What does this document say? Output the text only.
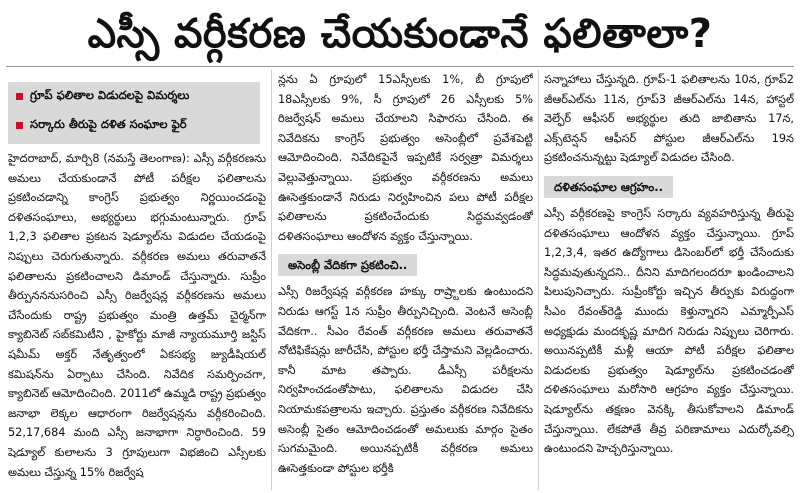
ఎస్సీ వర్గీకరణ చేయకుండానే ఫలితాలా?
గ్రూప్ ఫలితాల విడుదలపై విమర్శలు
సర్కారు తీరుపై దళిత సంఘాల ఫైర్

హైదరాబాద్, మార్చి8 (నమస్తే తెలంగాణ): ఎస్సీ వర్గీకరణను అమలు చేయకుండానే పోటీ పరీక్షల ఫలితాలను ప్రకటించడాన్ని కాంగ్రెస్ ప్రభుత్వం నిర్ణయించడంపై దళితసంఘాలు, అభ్యర్థులు భగ్గుమంటున్నారు. గ్రూప్ 1,2,3 ఫలితాల ప్రకటన షెడ్యూల్‌ను విడుదల చేయడంపై నిప్పులు చెరుగుతున్నారు. వర్గీకరణ అమలు తరువాతనే ఫలితాలను ప్రకటించాలని డిమాండ్ చేస్తున్నారు. సుప్రీం తీర్పునననుసరించి ఎస్సీ రిజర్వేషన్ల వర్గీకరణను అమలు చేసేందుకు రాష్ట్ర ప్రభుత్వం మంత్రి ఉత్తమ్ చైర్మన్‌గా క్యాబినెట్ సబ్‌కమిటీని , హైకోర్టు మాజీ న్యాయమూర్తి జస్టిస్ షమీమ్ అక్తర్ నేతృత్వంలో ఏకసభ్య జ్యుడీషియల్ కమిషన్‌ను ఏర్పాటు చేసింది. నివేదిక సమర్పించగా, క్యాబినెట్ ఆమోదించింది. 2011లో ఉమ్మడి రాష్ట్ర ప్రభుత్వం జనాభా లెక్కల ఆధారంగా రిజర్వేషన్లను వర్గీకరించింది. 52,17,684 మంది ఎస్సీ జనాభాగా నిర్ధారించింది. 59 షెడ్యూల్ కులాలను 3 గ్రూపులుగా విభజించి ఎస్సీలకు అమలు చేస్తున్న 15% రిజర్వేష

న్లను ఏ గ్రూపులో 15ఎస్సీలకు 1%, బీ గ్రూపులో 18ఎస్సీలకు 9%, సీ గ్రూపులో 26 ఎస్సీలకు 5% రిజర్వేషన్ అమలు చేయాలని సిఫారసు చేసింది. ఈ నివేదికను కాంగ్రెస్ ప్రభుత్వం అసెంబ్లీలో ప్రవేశపెట్టి ఆమోదించింది. నివేదికపైనే ఇప్పటికే సర్వత్రా విమర్శలు వెల్లువెత్తున్నాయి. ప్రభుత్వం వర్గీకరణను అమలు ఊసెత్తకుండానే నిరుడు నిర్వహించిన పలు పోటీ పరీక్షల ఫలితాలను ప్రకటించేందుకు సిద్ధమవ్వడంతో దళితసంఘాలు ఆందోళన వ్యక్తం చేస్తున్నాయి.

అసెంబ్లీ వేదికగా ప్రకటించి..

ఎస్సీ రిజర్వేషన్ల వర్గీకరణ హక్కు రాష్ర్టాలకు ఉంటుందని నిరుడు ఆగస్ట్ 1న సుప్రీం తీర్పునిచ్చింది. వెంటనే అసెంబ్లీ వేదికగా.. సీఎం రేవంత్ వర్గీకరణ అమలు తరువాతనే నోటిఫికేషన్లు జారీచేసి, పోస్టుల భర్తీ చేస్తామని వెల్లడించారు. కానీ మాట తప్పారు. డీఎస్సీ పరీక్షలను నిర్వహించడంతోపాటు, ఫలితాలను విడుదల చేసి నియామకపత్రాలను ఇచ్చారు. ప్రస్తుతం వర్గీకరణ నివేదికను అసెంబ్లీ సైతం ఆమోదించడంతో అమలుకు మార్గం సైతం సుగమమైంది. అయినప్పటికీ వర్గీకరణ అమలు ఊసెత్తకుండా పోస్టుల భర్తీకి

సన్నాహాలు చేస్తున్నది. గ్రూప్-1 ఫలితాలను 10న, గ్రూప్2 జీఆర్‌ఎల్‌ను 11న, గ్రూప్3 జీఆర్‌ఎల్‌ను 14న, హాస్టల్ వెల్ఫేర్ ఆఫీసర్ అభ్యర్థుల తుది జాబితాను 17న, ఎక్స్‌టెన్షన్ ఆఫీసర్ పోస్టుల జీఆర్‌ఎల్‌ను 19న ప్రకటించనున్నట్టు షెడ్యూల్ విడుదల చేసింది.

దళితసంఘాల ఆగ్రహం..

ఎస్సీ వర్గీకరణపై కాంగ్రెస్ సర్కారు వ్యవహరిస్తున్న తీరుపై దళితసంఘాలు ఆందోళన వ్యక్తం చేస్తున్నాయి. గ్రూప్ 1,2,3,4, ఇతర ఉద్యోగాలు డిసెంబర్‌లో భర్తీ చేసేందుకు సిద్ధమవుతున్నదని.. దీనిని మాదిగలందరూ ఖండించాలని పిలుపునిచ్చారు. సుప్రీంకోర్టు ఇచ్చిన తీర్పుకు విరుద్ధంగా సీఎం రేవంత్‌రెడ్డి ముందు కెళ్తున్నారని ఎమ్మార్పీఎస్ అధ్యక్షుడు మందకృష్ణ మాదిగ నిరుడు నిప్పులు చెరిగారు. అయినప్పటికీ మళ్లీ ఆయా పోటీ పరీక్షల ఫలితాల విడుదలకు ప్రభుత్వం షెడ్యూల్‌ను ప్రకటించడంతో దళితసంఘాలు మరోసారి ఆగ్రహం వ్యక్తం చేస్తున్నాయి. షెడ్యూల్‌ను తక్షణం వెనక్కి తీసుకోవాలని డిమాండ్ చేస్తున్నాయి. లేకపోతే తీవ్ర పరిణామాలు ఎదుర్కోవల్సి ఉంటుందని హెచ్చరిస్తున్నాయి.
